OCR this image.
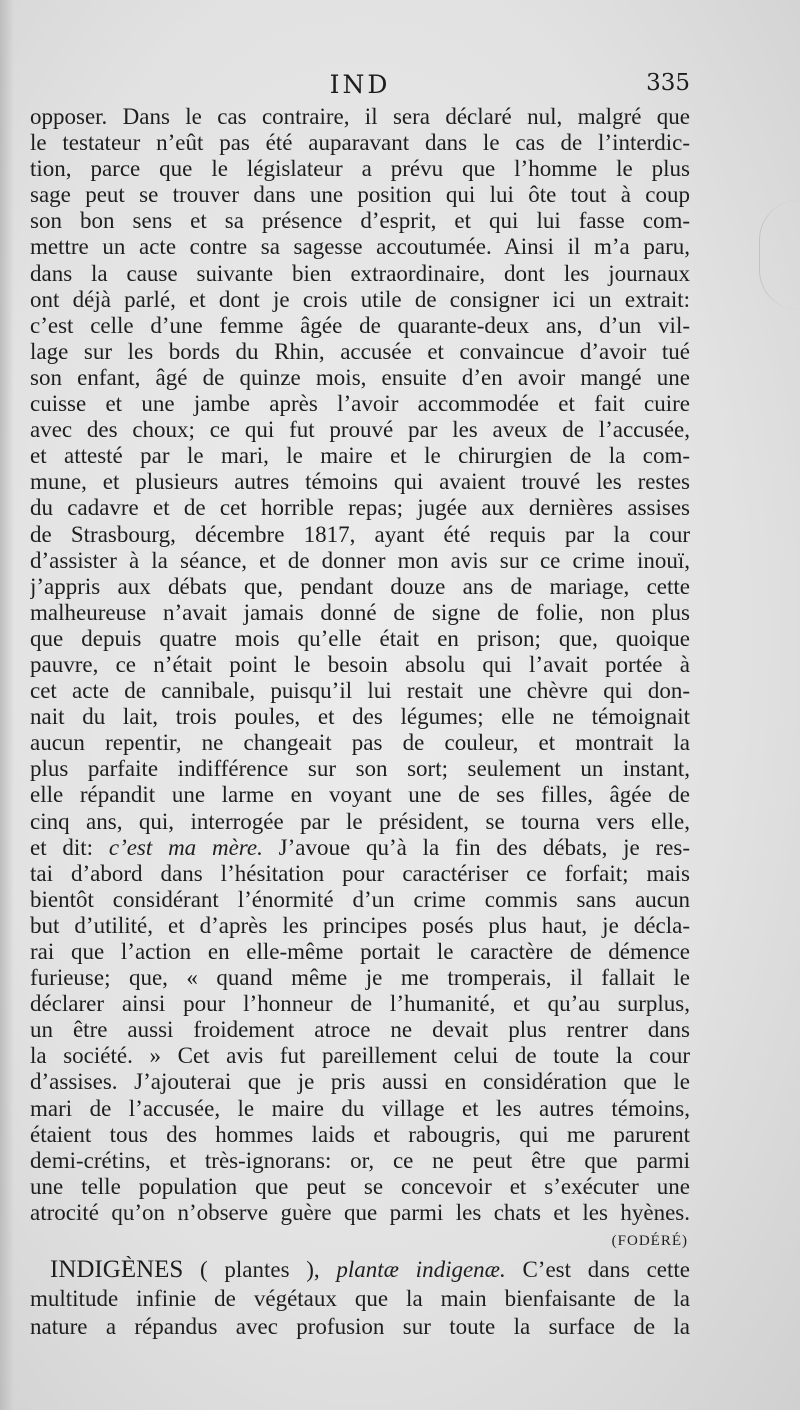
IND	335
opposer. Dans le cas contraire, il sera déclaré nul, malgré que
le testateur n’eût pas été auparavant dans le cas de l’interdic-
tion, parce que le législateur a prévu que l’homme le plus
sage peut se trouver dans une position qui lui ôte tout à coup
son bon sens et sa présence d’esprit, et qui lui fasse com-
mettre un acte contre sa sagesse accoutumée. Ainsi il m’a paru,
dans la cause suivante bien extraordinaire, dont les journaux
ont déjà parlé, et dont je crois utile de consigner ici un extrait:
c’est celle d’une femme âgée de quarante-deux ans, d’un vil-
lage sur les bords du Rhin, accusée et convaincue d’avoir tué
son enfant, âgé de quinze mois, ensuite d’en avoir mangé une
cuisse et une jambe après l’avoir accommodée et fait cuire
avec des choux; ce qui fut prouvé par les aveux de l’accusée,
et attesté par le mari, le maire et le chirurgien de la com-
mune, et plusieurs autres témoins qui avaient trouvé les restes
du cadavre et de cet horrible repas; jugée aux dernières assises
de Strasbourg, décembre 1817, ayant été requis par la cour
d’assister à la séance, et de donner mon avis sur ce crime inouï,
j’appris aux débats que, pendant douze ans de mariage, cette
malheureuse n’avait jamais donné de signe de folie, non plus
que depuis quatre mois qu’elle était en prison; que, quoique
pauvre, ce n’était point le besoin absolu qui l’avait portée à
cet acte de cannibale, puisqu’il lui restait une chèvre qui don-
nait du lait, trois poules, et des légumes; elle ne témoignait
aucun repentir, ne changeait pas de couleur, et montrait la
plus parfaite indifférence sur son sort; seulement un instant,
elle répandit une larme en voyant une de ses filles, âgée de
cinq ans, qui, interrogée par le président, se tourna vers elle,
et dit: c’est ma mère. J’avoue qu’à la fin des débats, je res-
tai d’abord dans l’hésitation pour caractériser ce forfait; mais
bientôt considérant l’énormité d’un crime commis sans aucun
but d’utilité, et d’après les principes posés plus haut, je décla-
rai que l’action en elle-même portait le caractère de démence
furieuse; que, « quand même je me tromperais, il fallait le
déclarer ainsi pour l’honneur de l’humanité, et qu’au surplus,
un être aussi froidement atroce ne devait plus rentrer dans
la société. » Cet avis fut pareillement celui de toute la cour
d’assises. J’ajouterai que je pris aussi en considération que le
mari de l’accusée, le maire du village et les autres témoins,
étaient tous des hommes laids et rabougris, qui me parurent
demi-crétins, et très-ignorans: or, ce ne peut être que parmi
une telle population que peut se concevoir et s’exécuter une
atrocité qu’on n’observe guère que parmi les chats et les hyènes.
(FODÉRÉ)
INDIGÈNES ( plantes ), plantæ indigenæ. C’est dans cette
multitude infinie de végétaux que la main bienfaisante de la
nature a répandus avec profusion sur toute la surface de la
